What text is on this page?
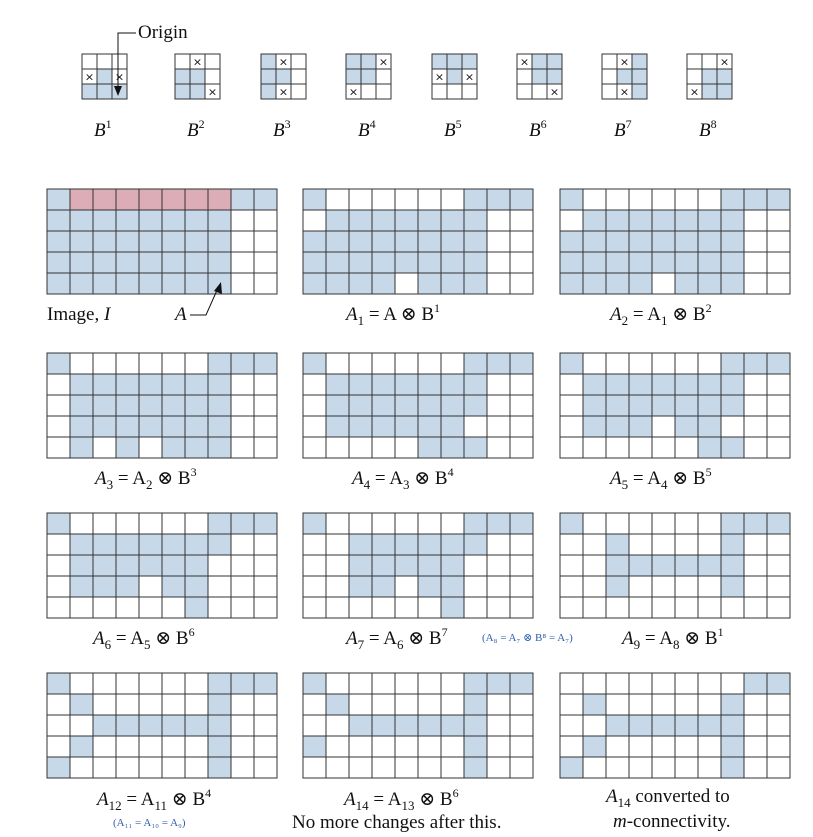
× ×
$B^1$
×
×
$B^2$
×
×
$B^3$
×
×
$B^4$
× ×
$B^5$
×
×
$B^6$
×
×
$B^7$
×
×
$B^8$
Origin
Image, I	A	$A_1 = A$ ⊗ $B^1$	$A_2 = A_1$ ⊗ $B^2$
$A_3 = A_2$ ⊗ $B^3$	$A_4 = A_3$ ⊗ $B^4$	$A_5 = A_4$ ⊗ $B^5$
$A_6 = A_5$ ⊗ $B^6$	$A_7 = A_6$ ⊗ $B^7$	(A₈ = A₇ ⊗ B⁸ = A₇)	$A_9 = A_8$ ⊗ $B^1$
$A_{12} = A_{11}$ ⊗ $B^4$
(A₁₁ = A₁₀ = A₉)
$A_{14} = A_{13}$ ⊗ $B^6$
No more changes after this.
$A_{14}$ converted to
m-connectivity.
